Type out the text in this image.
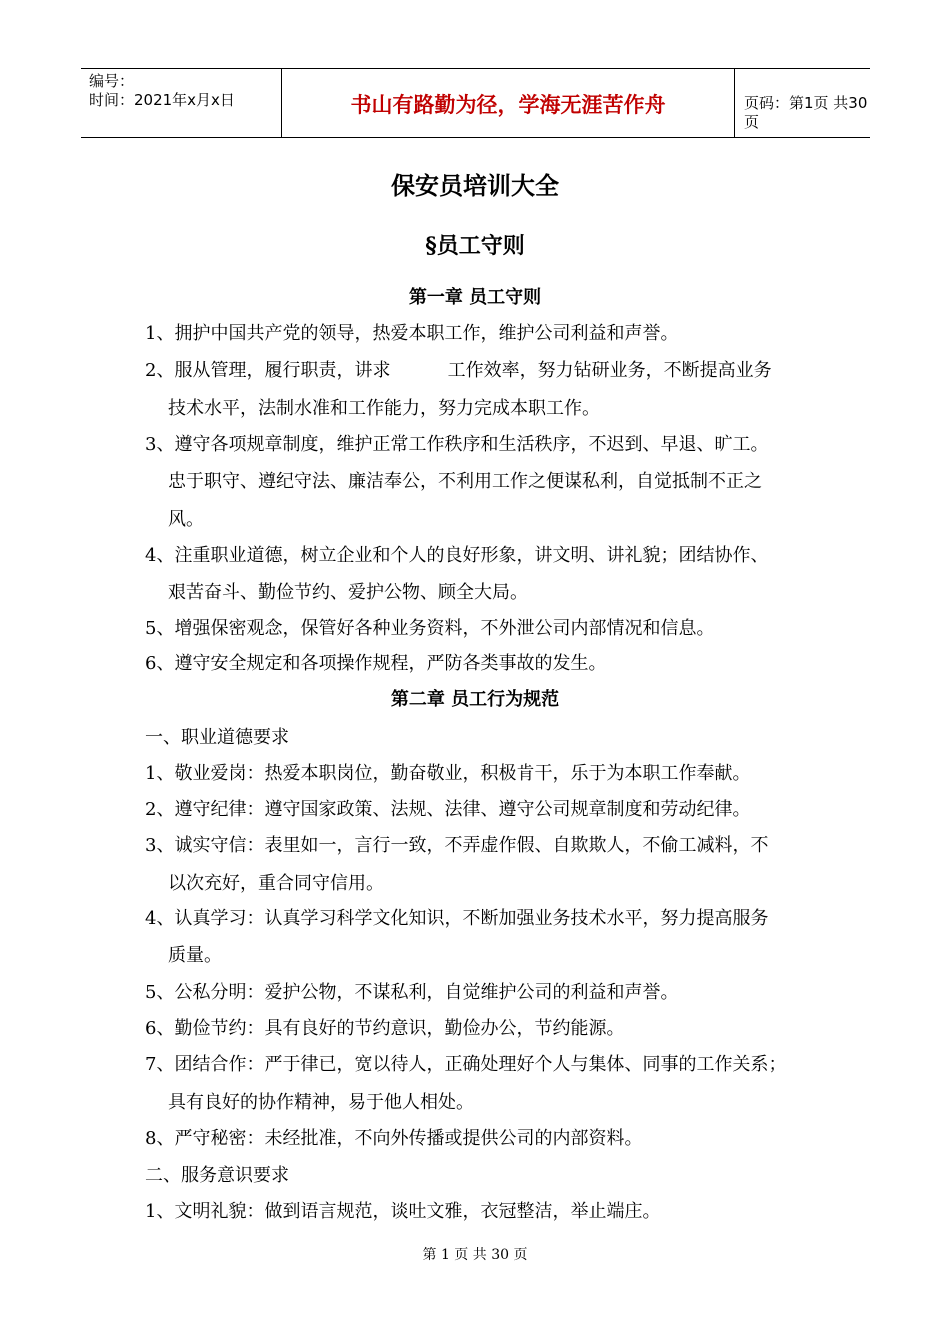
编号：
时间：2021年x月x日	书山有路勤为径，学海无涯苦作舟	页码：第1页 共30页
保安员培训大全
§员工守则
第一章 员工守则
1、拥护中国共产党的领导，热爱本职工作，维护公司利益和声誉。
2、服从管理，履行职责，讲求          工作效率，努力钻研业务，不断提高业务
技术水平，法制水准和工作能力，努力完成本职工作。
3、遵守各项规章制度，维护正常工作秩序和生活秩序，不迟到、早退、旷工。
忠于职守、遵纪守法、廉洁奉公，不利用工作之便谋私利，自觉抵制不正之
风。
4、注重职业道德，树立企业和个人的良好形象，讲文明、讲礼貌；团结协作、
艰苦奋斗、勤俭节约、爱护公物、顾全大局。
5、增强保密观念，保管好各种业务资料，不外泄公司内部情况和信息。
6、遵守安全规定和各项操作规程，严防各类事故的发生。
第二章 员工行为规范
一、职业道德要求
1、敬业爱岗：热爱本职岗位，勤奋敬业，积极肯干，乐于为本职工作奉献。
2、遵守纪律：遵守国家政策、法规、法律、遵守公司规章制度和劳动纪律。
3、诚实守信：表里如一，言行一致，不弄虚作假、自欺欺人，不偷工减料，不
以次充好，重合同守信用。
4、认真学习：认真学习科学文化知识，不断加强业务技术水平，努力提高服务
质量。
5、公私分明：爱护公物，不谋私利，自觉维护公司的利益和声誉。
6、勤俭节约：具有良好的节约意识，勤俭办公，节约能源。
7、团结合作：严于律已，宽以待人，正确处理好个人与集体、同事的工作关系；
具有良好的协作精神，易于他人相处。
8、严守秘密：未经批准，不向外传播或提供公司的内部资料。
二、服务意识要求
1、文明礼貌：做到语言规范，谈吐文雅，衣冠整洁，举止端庄。
第 1 页 共 30 页
